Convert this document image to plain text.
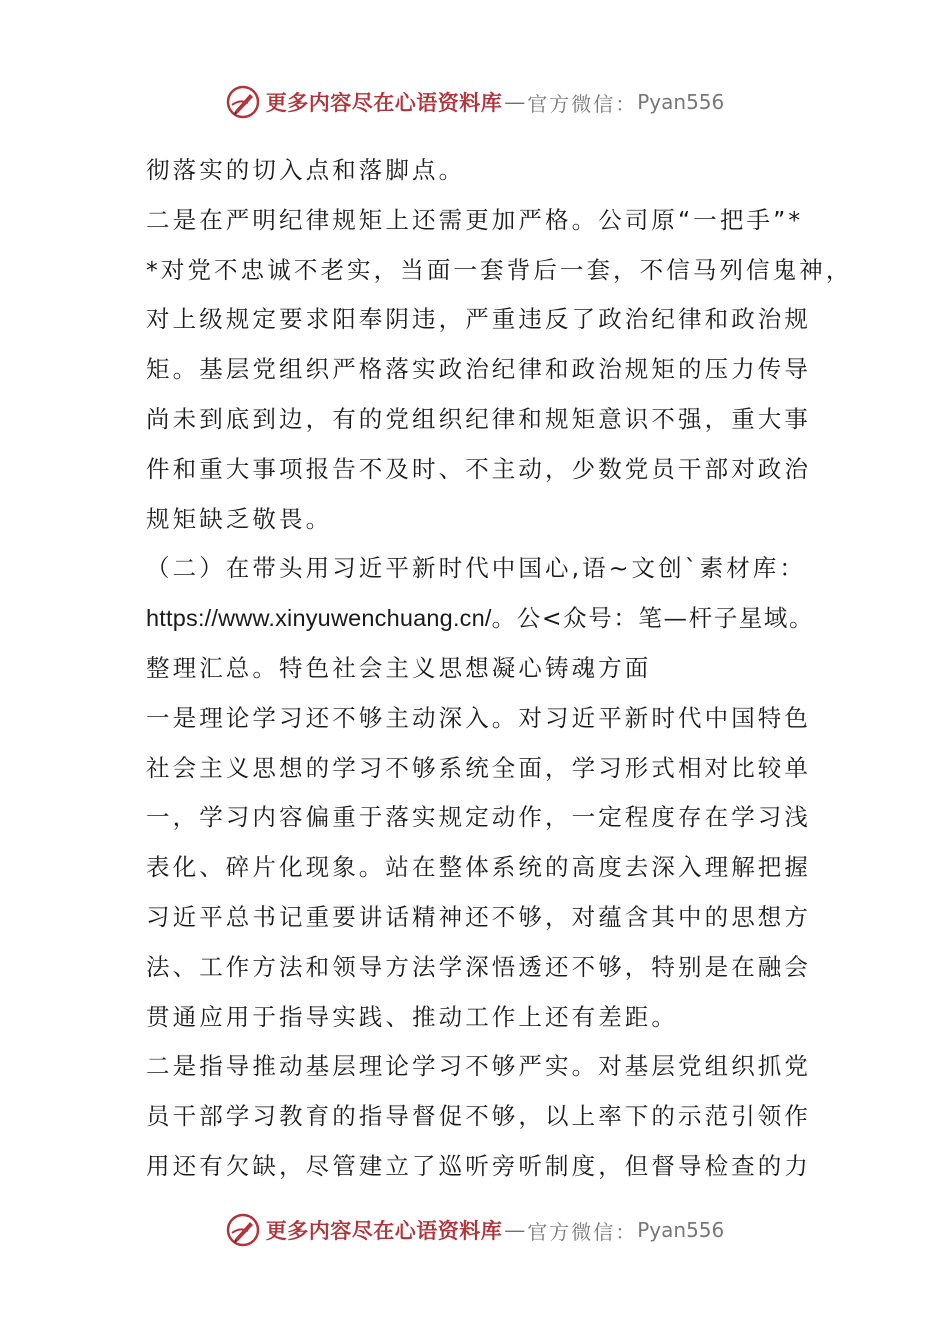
更多内容尽在心语资料库 — 官方微信： Pyan556
彻落实的切入点和落脚点。
二是在严明纪律规矩上还需更加严格。公司原“一把手”*
*对党不忠诚不老实，当面一套背后一套，不信马列信鬼神，
对上级规定要求阳奉阴违，严重违反了政治纪律和政治规
矩。基层党组织严格落实政治纪律和政治规矩的压力传导
尚未到底到边，有的党组织纪律和规矩意识不强，重大事
件和重大事项报告不及时、不主动，少数党员干部对政治
规矩缺乏敬畏。
（二）在带头用习近平新时代中国心,语~文创`素材库：
https://www.xinyuwenchuang.cn/。公<众号：笔—杆子星域。
整理汇总。特色社会主义思想凝心铸魂方面
一是理论学习还不够主动深入。对习近平新时代中国特色
社会主义思想的学习不够系统全面，学习形式相对比较单
一，学习内容偏重于落实规定动作，一定程度存在学习浅
表化、碎片化现象。站在整体系统的高度去深入理解把握
习近平总书记重要讲话精神还不够，对蕴含其中的思想方
法、工作方法和领导方法学深悟透还不够，特别是在融会
贯通应用于指导实践、推动工作上还有差距。
二是指导推动基层理论学习不够严实。对基层党组织抓党
员干部学习教育的指导督促不够，以上率下的示范引领作
用还有欠缺，尽管建立了巡听旁听制度，但督导检查的力
更多内容尽在心语资料库 — 官方微信： Pyan556
